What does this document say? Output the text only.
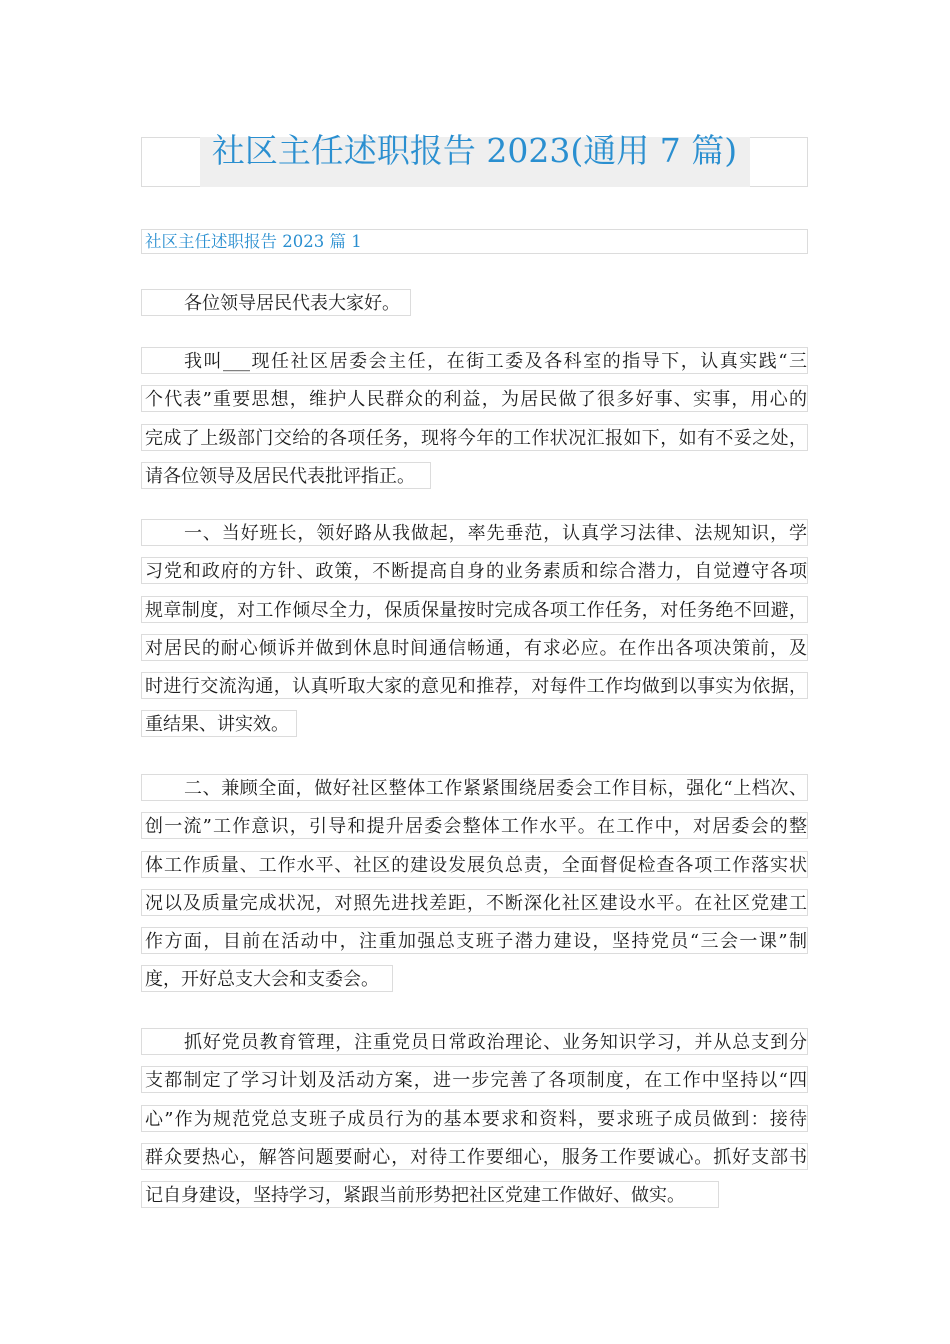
社区主任述职报告 2023(通用 7 篇)
社区主任述职报告 2023 篇 1
各位领导居民代表大家好。
我叫___现任社区居委会主任，在街工委及各科室的指导下，认真实践“三
个代表”重要思想，维护人民群众的利益，为居民做了很多好事、实事，用心的
完成了上级部门交给的各项任务，现将今年的工作状况汇报如下，如有不妥之处，
请各位领导及居民代表批评指正。
一、当好班长，领好路从我做起，率先垂范，认真学习法律、法规知识，学
习党和政府的方针、政策，不断提高自身的业务素质和综合潜力，自觉遵守各项
规章制度，对工作倾尽全力，保质保量按时完成各项工作任务，对任务绝不回避，
对居民的耐心倾诉并做到休息时间通信畅通，有求必应。在作出各项决策前，及
时进行交流沟通，认真听取大家的意见和推荐，对每件工作均做到以事实为依据，
重结果、讲实效。
二、兼顾全面，做好社区整体工作紧紧围绕居委会工作目标，强化“上档次、
创一流”工作意识，引导和提升居委会整体工作水平。在工作中，对居委会的整
体工作质量、工作水平、社区的建设发展负总责，全面督促检查各项工作落实状
况以及质量完成状况，对照先进找差距，不断深化社区建设水平。在社区党建工
作方面，目前在活动中，注重加强总支班子潜力建设，坚持党员“三会一课”制
度，开好总支大会和支委会。
抓好党员教育管理，注重党员日常政治理论、业务知识学习，并从总支到分
支都制定了学习计划及活动方案，进一步完善了各项制度，在工作中坚持以“四
心”作为规范党总支班子成员行为的基本要求和资料，要求班子成员做到：接待
群众要热心，解答问题要耐心，对待工作要细心，服务工作要诚心。抓好支部书
记自身建设，坚持学习，紧跟当前形势把社区党建工作做好、做实。
